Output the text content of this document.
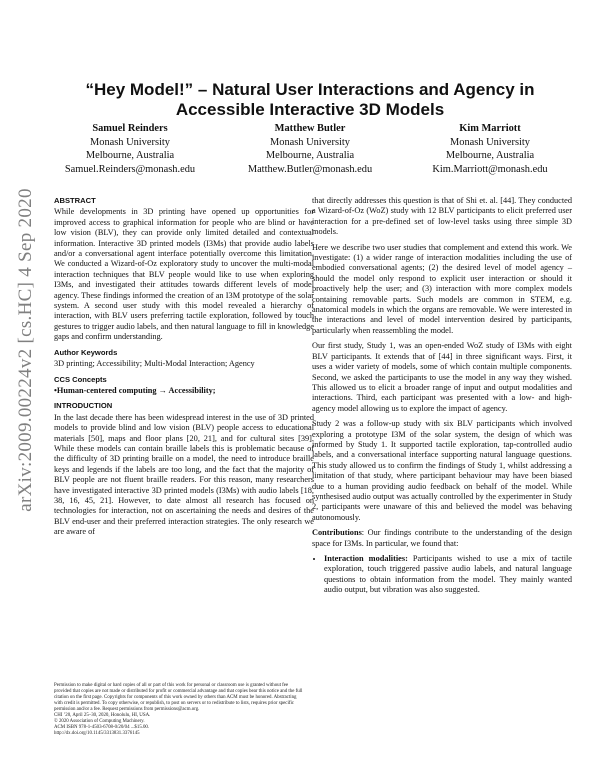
arXiv:2009.00224v2 [cs.HC] 4 Sep 2020
“Hey Model!” – Natural User Interactions and Agency in Accessible Interactive 3D Models
Samuel Reinders
Monash University
Melbourne, Australia
Samuel.Reinders@monash.edu
Matthew Butler
Monash University
Melbourne, Australia
Matthew.Butler@monash.edu
Kim Marriott
Monash University
Melbourne, Australia
Kim.Marriott@monash.edu
ABSTRACT

While developments in 3D printing have opened up opportunities for improved access to graphical information for people who are blind or have low vision (BLV), they can provide only limited detailed and contextual information. Interactive 3D printed models (I3Ms) that provide audio labels and/or a conversational agent interface potentially overcome this limitation. We conducted a Wizard-of-Oz exploratory study to uncover the multi-modal interaction techniques that BLV people would like to use when exploring I3Ms, and investigated their attitudes towards different levels of model agency. These findings informed the creation of an I3M prototype of the solar system. A second user study with this model revealed a hierarchy of interaction, with BLV users preferring tactile exploration, followed by touch gestures to trigger audio labels, and then natural language to fill in knowledge gaps and confirm understanding.

Author Keywords

3D printing; Accessibility; Multi-Modal Interaction; Agency

CCS Concepts

•Human-centered computing → Accessibility;

INTRODUCTION

In the last decade there has been widespread interest in the use of 3D printed models to provide blind and low vision (BLV) people access to educational materials [50], maps and floor plans [20, 21], and for cultural sites [39]. While these models can contain braille labels this is problematic because of the difficulty of 3D printing braille on a model, the need to introduce braille keys and legends if the labels are too long, and the fact that the majority of BLV people are not fluent braille readers. For this reason, many researchers have investigated interactive 3D printed models (I3Ms) with audio labels [18, 38, 16, 45, 21]. However, to date almost all research has focused on technologies for interaction, not on ascertaining the needs and desires of the BLV end-user and their preferred interaction strategies. The only research we are aware of

that directly addresses this question is that of Shi et. al. [44]. They conducted a Wizard-of-Oz (WoZ) study with 12 BLV participants to elicit preferred user interaction for a pre-defined set of low-level tasks using three simple 3D models.

Here we describe two user studies that complement and extend this work. We investigate: (1) a wider range of interaction modalities including the use of embodied conversational agents; (2) the desired level of model agency – should the model only respond to explicit user interaction or should it proactively help the user; and (3) interaction with more complex models containing removable parts. Such models are common in STEM, e.g. anatomical models in which the organs are removable. We were interested in the interactions and level of model intervention desired by participants, particularly when reassembling the model.

Our first study, Study 1, was an open-ended WoZ study of I3Ms with eight BLV participants. It extends that of [44] in three significant ways. First, it uses a wider variety of models, some of which contain multiple components. Second, we asked the participants to use the model in any way they wished. This allowed us to elicit a broader range of input and output modalities and interactions. Third, each participant was presented with a low- and high-agency model allowing us to explore the impact of agency.

Study 2 was a follow-up study with six BLV participants which involved exploring a prototype I3M of the solar system, the design of which was informed by Study 1. It supported tactile exploration, tap-controlled audio labels, and a conversational interface supporting natural language questions. This study allowed us to confirm the findings of Study 1, whilst addressing a limitation of that study, where participant behaviour may have been biased due to a human providing audio feedback on behalf of the model. While synthesised audio output was actually controlled by the experimenter in Study 2, participants were unaware of this and believed the model was behaving autonomously.

Contributions: Our findings contribute to the understanding of the design space for I3Ms. In particular, we found that:

• Interaction modalities: Participants wished to use a mix of tactile exploration, touch triggered passive audio labels, and natural language questions to obtain information from the model. They mainly wanted audio output, but vibration was also suggested.

Permission to make digital or hard copies of all or part of this work for personal or classroom use is granted without fee provided that copies are not made or distributed for profit or commercial advantage and that copies bear this notice and the full citation on the first page. Copyrights for components of this work owned by others than ACM must be honored. Abstracting with credit is permitted. To copy otherwise, or republish, to post on servers or to redistribute to lists, requires prior specific permission and/or a fee. Request permissions from permissions@acm.org.

CHI ’20, April 25–30, 2020, Honolulu, HI, USA.

© 2020 Association of Computing Machinery.

ACM ISBN 978-1-4503-6708-0/20/04 ...$15.00.

http://dx.doi.org/10.1145/3313831.3376145
